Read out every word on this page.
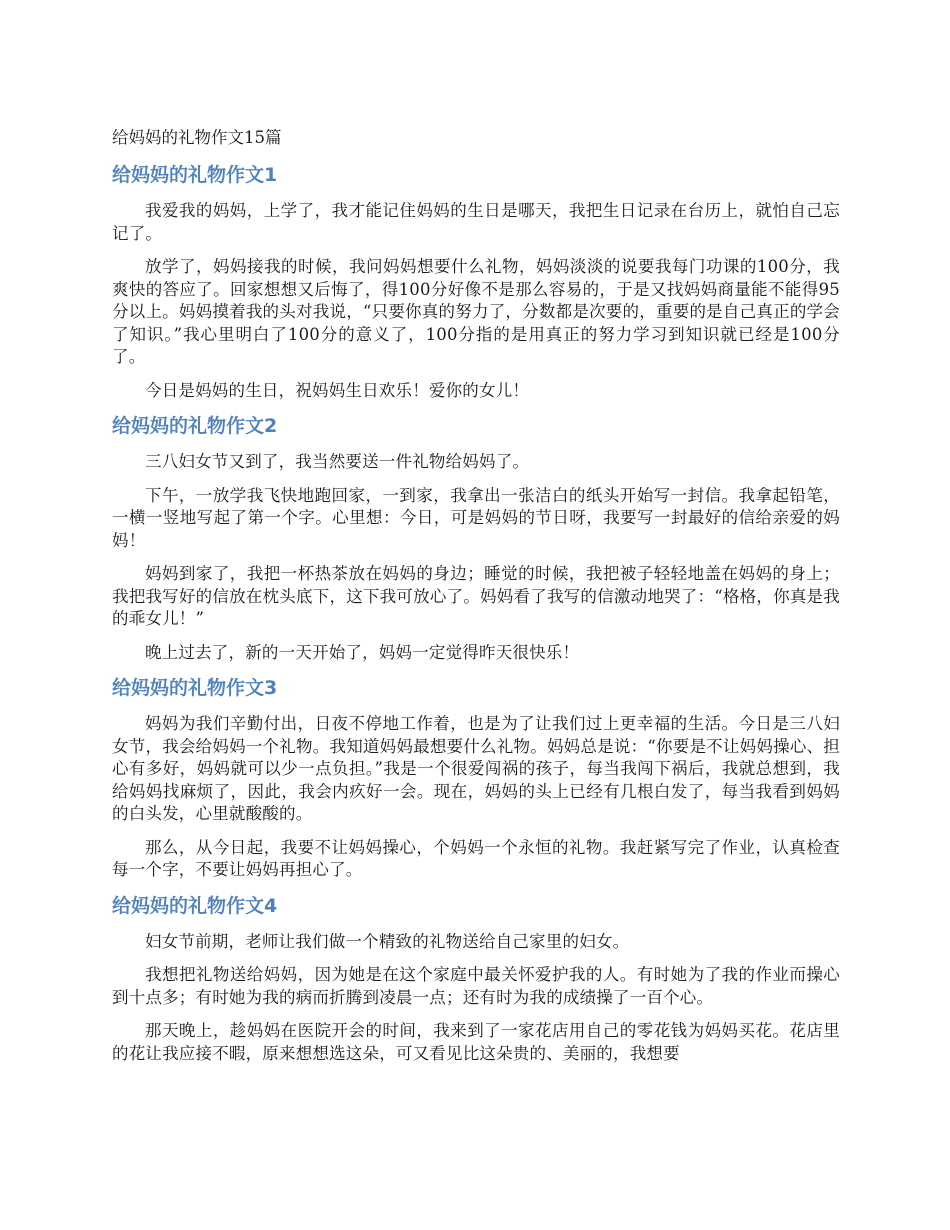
给妈妈的礼物作文15篇
给妈妈的礼物作文1

我爱我的妈妈，上学了，我才能记住妈妈的生日是哪天，我把生日记录在台历上，就怕自己忘记了。

放学了，妈妈接我的时候，我问妈妈想要什么礼物，妈妈淡淡的说要我每门功课的100分，我爽快的答应了。回家想想又后悔了，得100分好像不是那么容易的，于是又找妈妈商量能不能得95分以上。妈妈摸着我的头对我说，“只要你真的努力了，分数都是次要的，重要的是自己真正的学会了知识。”我心里明白了100分的意义了，100分指的是用真正的努力学习到知识就已经是100分了。

今日是妈妈的生日，祝妈妈生日欢乐！爱你的女儿！

给妈妈的礼物作文2

三八妇女节又到了，我当然要送一件礼物给妈妈了。

下午，一放学我飞快地跑回家，一到家，我拿出一张洁白的纸头开始写一封信。我拿起铅笔，一横一竖地写起了第一个字。心里想：今日，可是妈妈的节日呀，我要写一封最好的信给亲爱的妈妈！

妈妈到家了，我把一杯热茶放在妈妈的身边；睡觉的时候，我把被子轻轻地盖在妈妈的身上；我把我写好的信放在枕头底下，这下我可放心了。妈妈看了我写的信激动地哭了：“格格，你真是我的乖女儿！”

晚上过去了，新的一天开始了，妈妈一定觉得昨天很快乐！

给妈妈的礼物作文3

妈妈为我们辛勤付出，日夜不停地工作着，也是为了让我们过上更幸福的生活。今日是三八妇女节，我会给妈妈一个礼物。我知道妈妈最想要什么礼物。妈妈总是说：“你要是不让妈妈操心、担心有多好，妈妈就可以少一点负担。”我是一个很爱闯祸的孩子，每当我闯下祸后，我就总想到，我给妈妈找麻烦了，因此，我会内疚好一会。现在，妈妈的头上已经有几根白发了，每当我看到妈妈的白头发，心里就酸酸的。

那么，从今日起，我要不让妈妈操心，个妈妈一个永恒的礼物。我赶紧写完了作业，认真检查每一个字，不要让妈妈再担心了。

给妈妈的礼物作文4

妇女节前期，老师让我们做一个精致的礼物送给自己家里的妇女。

我想把礼物送给妈妈，因为她是在这个家庭中最关怀爱护我的人。有时她为了我的作业而操心到十点多；有时她为我的病而折腾到凌晨一点；还有时为我的成绩操了一百个心。

那天晚上，趁妈妈在医院开会的时间，我来到了一家花店用自己的零花钱为妈妈买花。花店里的花让我应接不暇，原来想想选这朵，可又看见比这朵贵的、美丽的，我想要
